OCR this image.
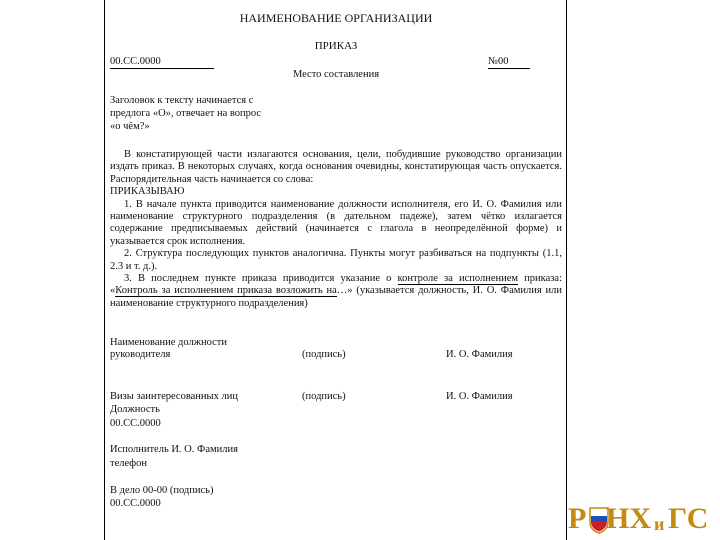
НАИМЕНОВАНИЕ ОРГАНИЗАЦИИ
ПРИКАЗ
00.СС.0000	№00
Место составления
Заголовок к тексту начинается с
предлога «О», отвечает на вопрос
«о чём?»

В констатирующей части излагаются основания, цели, побудившие руководство организации издать приказ. В некоторых случаях, когда основания очевидны, констатирующая часть опускается. Распорядительная часть начинается со слова:

ПРИКАЗЫВАЮ

1. В начале пункта приводится наименование должности исполнителя, его И. О. Фамилия или наименование структурного подразделения (в дательном падеже), затем чётко излагается содержание предписываемых действий (начинается с глагола в неопределённой форме) и указывается срок исполнения.

2. Структура последующих пунктов аналогична. Пункты могут разбиваться на подпункты (1.1, 2.3 и т. д.).

3. В последнем пункте приказа приводится указание о контроле за исполнением приказа: «Контроль за исполнением приказа возложить на…» (указывается должность, И. О. Фамилия или наименование структурного подразделения)

Наименование должности
руководителя	(подпись)	И. О. Фамилия
Визы заинтересованных лиц	(подпись)	И. О. Фамилия
Должность
00.СС.0000
Исполнитель И. О. Фамилия
телефон
В дело 00-00 (подпись)
00.СС.0000	Р НХ и ГС
